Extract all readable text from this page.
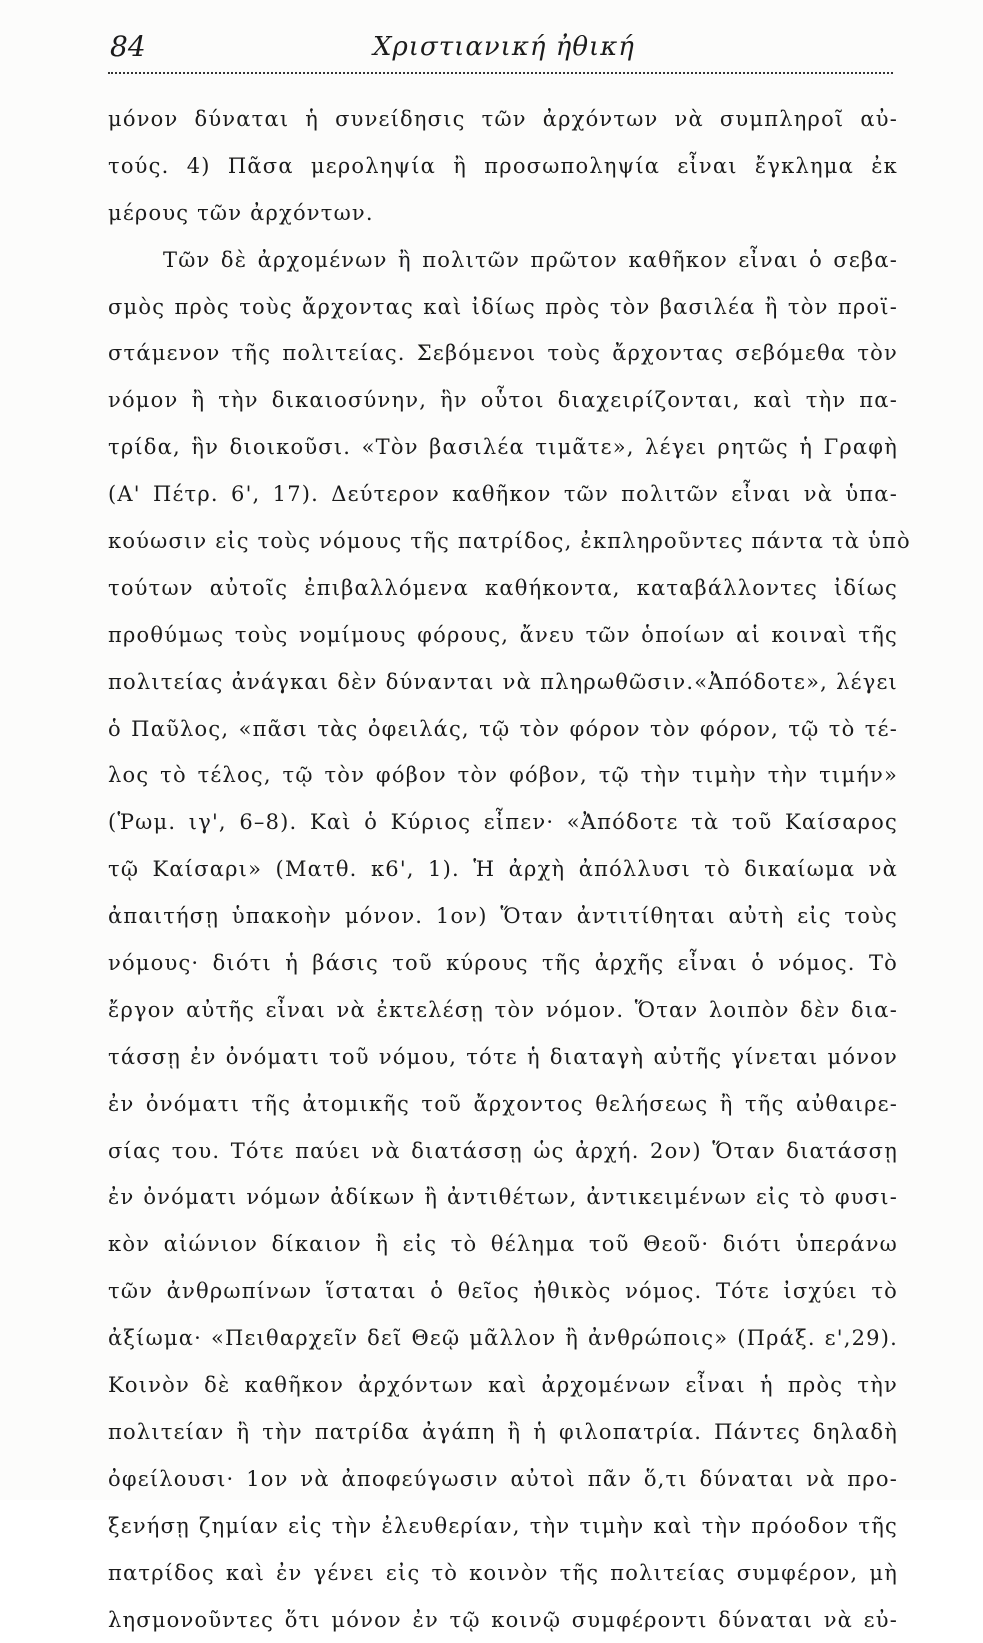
84	Χριστιανική ἠθική
μόνον δύναται ἡ συνείδησις τῶν ἀρχόντων νὰ συμπληροῖ αὐ-
τούς. 4) Πᾶσα μεροληψία ἢ προσωποληψία εἶναι ἔγκλημα ἐκ
μέρους τῶν ἀρχόντων.
Τῶν δὲ ἀρχομένων ἢ πολιτῶν πρῶτον καθῆκον εἶναι ὁ σεβα-
σμὸς πρὸς τοὺς ἄρχοντας καὶ ἰδίως πρὸς τὸν βασιλέα ἢ τὸν προϊ-
στάμενον τῆς πολιτείας. Σεβόμενοι τοὺς ἄρχοντας σεβόμεθα τὸν
νόμον ἢ τὴν δικαιοσύνην, ἣν οὗτοι διαχειρίζονται, καὶ τὴν πα-
τρίδα, ἣν διοικοῦσι. «Τὸν βασιλέα τιμᾶτε», λέγει ρητῶς ἡ Γραφὴ
(Α' Πέτρ. 6', 17). Δεύτερον καθῆκον τῶν πολιτῶν εἶναι νὰ ὑπα-
κούωσιν εἰς τοὺς νόμους τῆς πατρίδος, ἐκπληροῦντες πάντα τὰ ὑπὸ
τούτων αὐτοῖς ἐπιβαλλόμενα καθήκοντα, καταβάλλοντες ἰδίως
προθύμως τοὺς νομίμους φόρους, ἄνευ τῶν ὁποίων αἱ κοιναὶ τῆς
πολιτείας ἀνάγκαι δὲν δύνανται νὰ πληρωθῶσιν.«Ἀπόδοτε», λέγει
ὁ Παῦλος, «πᾶσι τὰς ὀφειλάς, τῷ τὸν φόρον τὸν φόρον, τῷ τὸ τέ-
λος τὸ τέλος, τῷ τὸν φόβον τὸν φόβον, τῷ τὴν τιμὴν τὴν τιμήν»
(Ῥωμ. ιγ', 6–8). Καὶ ὁ Κύριος εἶπεν· «Ἀπόδοτε τὰ τοῦ Καίσαρος
τῷ Καίσαρι» (Ματθ. κ6', 1). Ἡ ἀρχὴ ἀπόλλυσι τὸ δικαίωμα νὰ
ἀπαιτήσῃ ὑπακοὴν μόνον. 1ον) Ὅταν ἀντιτίθηται αὐτὴ εἰς τοὺς
νόμους· διότι ἡ βάσις τοῦ κύρους τῆς ἀρχῆς εἶναι ὁ νόμος. Τὸ
ἔργον αὐτῆς εἶναι νὰ ἐκτελέσῃ τὸν νόμον. Ὅταν λοιπὸν δὲν δια-
τάσσῃ ἐν ὀνόματι τοῦ νόμου, τότε ἡ διαταγὴ αὐτῆς γίνεται μόνον
ἐν ὀνόματι τῆς ἀτομικῆς τοῦ ἄρχοντος θελήσεως ἢ τῆς αὐθαιρε-
σίας του. Τότε παύει νὰ διατάσσῃ ὡς ἀρχή. 2ον) Ὅταν διατάσσῃ
ἐν ὀνόματι νόμων ἀδίκων ἢ ἀντιθέτων, ἀντικειμένων εἰς τὸ φυσι-
κὸν αἰώνιον δίκαιον ἢ εἰς τὸ θέλημα τοῦ Θεοῦ· διότι ὑπεράνω
τῶν ἀνθρωπίνων ἵσταται ὁ θεῖος ἠθικὸς νόμος. Τότε ἰσχύει τὸ
ἀξίωμα· «Πειθαρχεῖν δεῖ Θεῷ μᾶλλον ἢ ἀνθρώποις» (Πράξ. ε',29).
Κοινὸν δὲ καθῆκον ἀρχόντων καὶ ἀρχομένων εἶναι ἡ πρὸς τὴν
πολιτείαν ἢ τὴν πατρίδα ἀγάπη ἢ ἡ φιλοπατρία. Πάντες δηλαδὴ
ὀφείλουσι· 1ον νὰ ἀποφεύγωσιν αὐτοὶ πᾶν ὅ,τι δύναται νὰ προ-
ξενήσῃ ζημίαν εἰς τὴν ἐλευθερίαν, τὴν τιμὴν καὶ τὴν πρόοδον τῆς
πατρίδος καὶ ἐν γένει εἰς τὸ κοινὸν τῆς πολιτείας συμφέρον, μὴ
λησμονοῦντες ὅτι μόνον ἐν τῷ κοινῷ συμφέροντι δύναται νὰ εὐ-
